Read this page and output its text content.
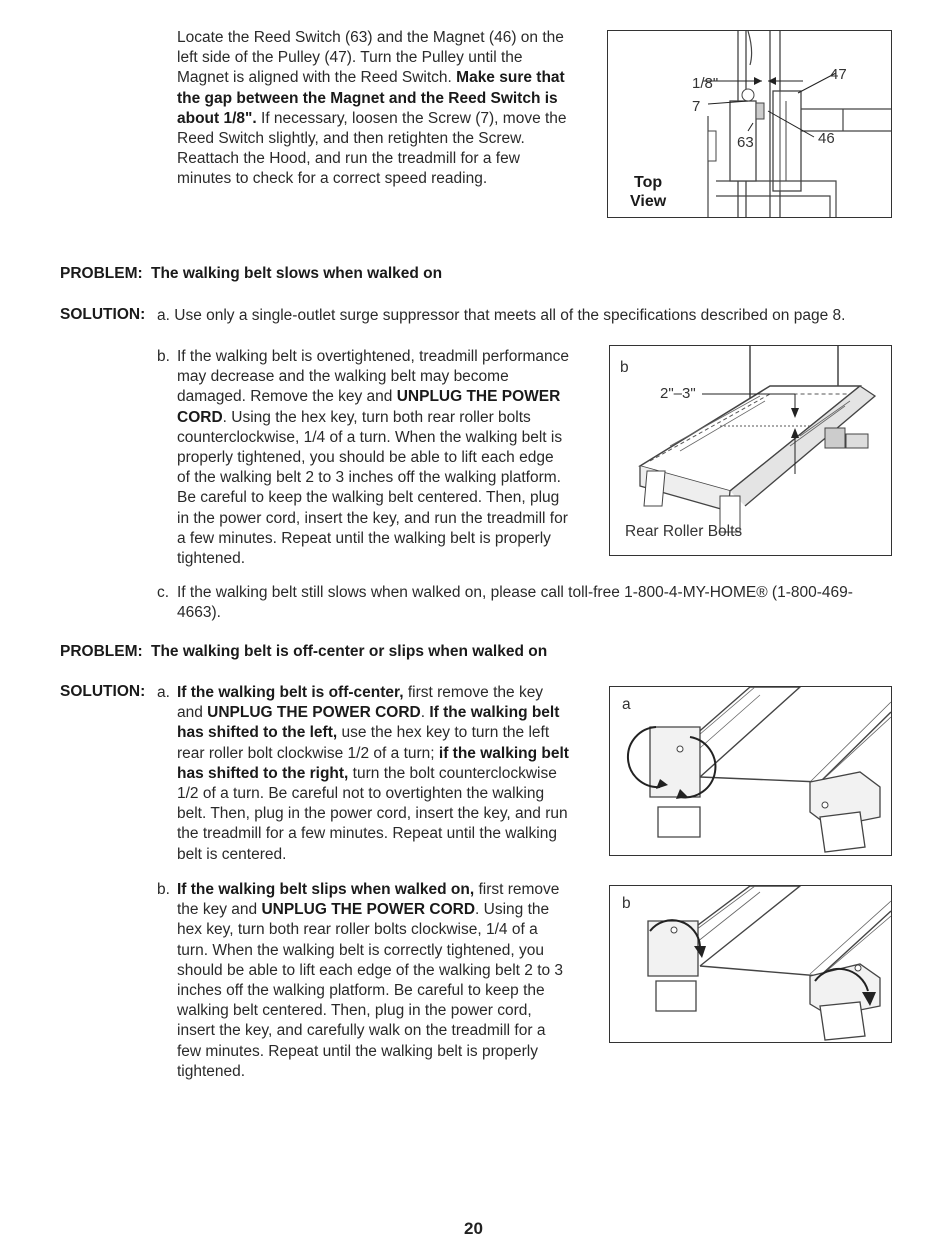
Locate the Reed Switch (63) and the Magnet (46) on the left side of the Pulley (47). Turn the Pulley until the Magnet is aligned with the Reed Switch. Make sure that the gap between the Magnet and the Reed Switch is about 1/8". If necessary, loosen the Screw (7), move the Reed Switch slightly, and then retighten the Screw. Reattach the Hood, and run the treadmill for a few minutes to check for a correct speed reading.
1/8"
7
47
63	46
Top
View
PROBLEM: The walking belt slows when walked on
SOLUTION: a. Use only a single-outlet surge suppressor that meets all of the specifications described on page 8.
b. If the walking belt is overtightened, treadmill performance may decrease and the walking belt may become damaged. Remove the key and UNPLUG THE POWER CORD. Using the hex key, turn both rear roller bolts counterclockwise, 1/4 of a turn. When the walking belt is properly tightened, you should be able to lift each edge of the walking belt 2 to 3 inches off the walking platform. Be careful to keep the walking belt centered. Then, plug in the power cord, insert the key, and run the treadmill for a few minutes. Repeat until the walking belt is properly tightened.
b
2"–3"
Rear Roller Bolts
c. If the walking belt still slows when walked on, please call toll-free 1-800-4-MY-HOME® (1-800-469-4663).
PROBLEM: The walking belt is off-center or slips when walked on
SOLUTION: a. If the walking belt is off-center, first remove the key and UNPLUG THE POWER CORD. If the walking belt has shifted to the left, use the hex key to turn the left rear roller bolt clockwise 1/2 of a turn; if the walking belt has shifted to the right, turn the bolt counterclockwise 1/2 of a turn. Be careful not to overtighten the walking belt. Then, plug in the power cord, insert the key, and run the treadmill for a few minutes. Repeat until the walking belt is centered.
a
b. If the walking belt slips when walked on, first remove the key and UNPLUG THE POWER CORD. Using the hex key, turn both rear roller bolts clockwise, 1/4 of a turn. When the walking belt is correctly tightened, you should be able to lift each edge of the walking belt 2 to 3 inches off the walking platform. Be careful to keep the walking belt centered. Then, plug in the power cord, insert the key, and carefully walk on the treadmill for a few minutes. Repeat until the walking belt is properly tightened.
b
20
